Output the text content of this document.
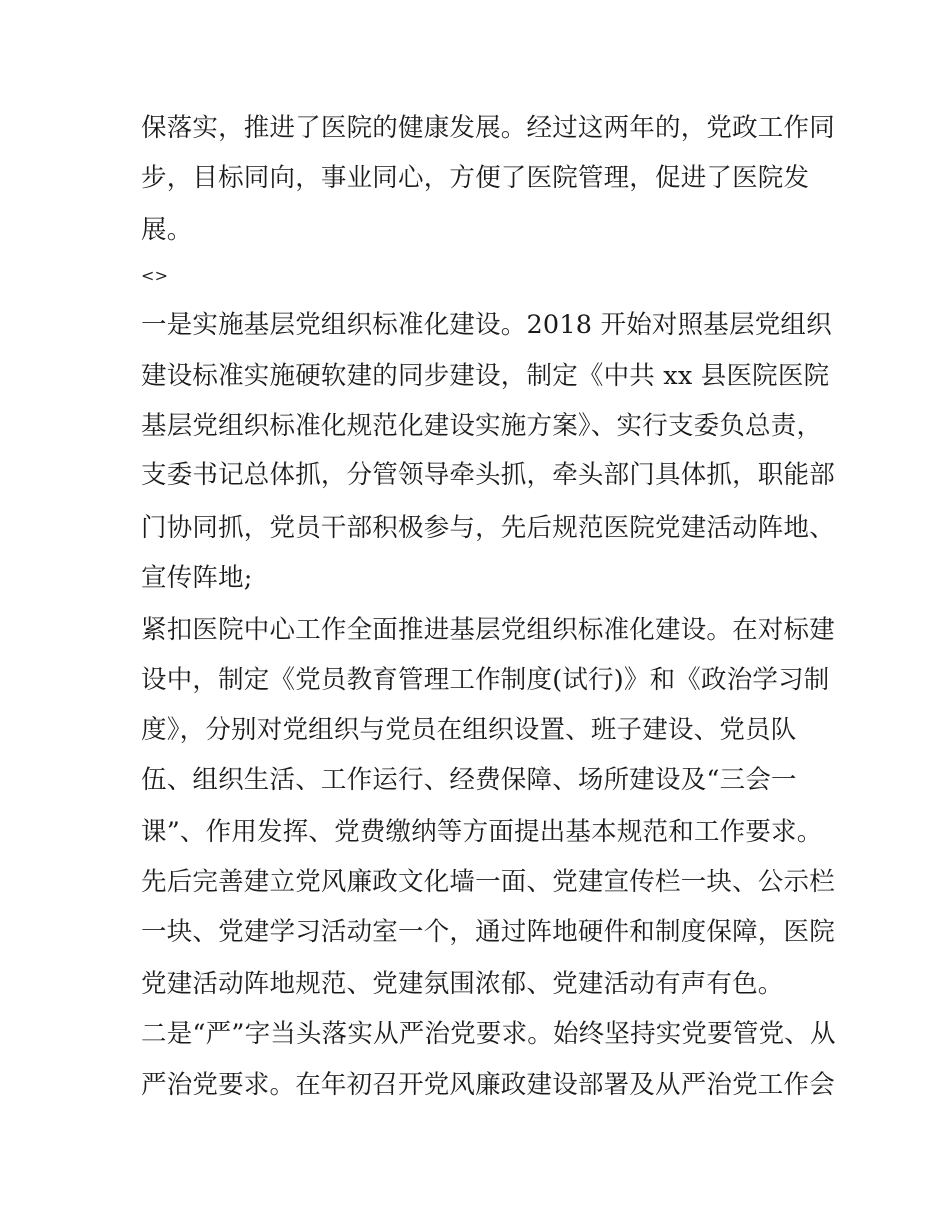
保落实，推进了医院的健康发展。经过这两年的，党政工作同
步，目标同向，事业同心，方便了医院管理，促进了医院发
展。
<>
一是实施基层党组织标准化建设。2018 开始对照基层党组织
建设标准实施硬软建的同步建设，制定《中共 xx 县医院医院
基层党组织标准化规范化建设实施方案》、实行支委负总责，
支委书记总体抓，分管领导牵头抓，牵头部门具体抓，职能部
门协同抓，党员干部积极参与，先后规范医院党建活动阵地、
宣传阵地;
紧扣医院中心工作全面推进基层党组织标准化建设。在对标建
设中，制定《党员教育管理工作制度(试行)》和《政治学习制
度》，分别对党组织与党员在组织设置、班子建设、党员队
伍、组织生活、工作运行、经费保障、场所建设及“三会一
课”、作用发挥、党费缴纳等方面提出基本规范和工作要求。
先后完善建立党风廉政文化墙一面、党建宣传栏一块、公示栏
一块、党建学习活动室一个，通过阵地硬件和制度保障，医院
党建活动阵地规范、党建氛围浓郁、党建活动有声有色。
二是“严”字当头落实从严治党要求。始终坚持实党要管党、从
严治党要求。在年初召开党风廉政建设部署及从严治党工作会
